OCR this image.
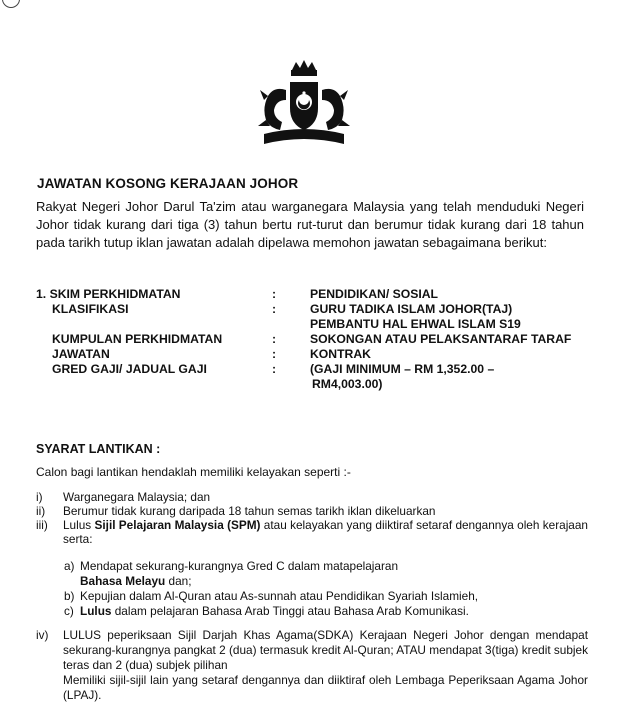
JAWATAN KOSONG KERAJAAN JOHOR
Rakyat Negeri Johor Darul Ta'zim atau warganegara Malaysia yang telah menduduki Negeri Johor tidak kurang dari tiga (3) tahun bertu rut-turut dan berumur tidak kurang dari 18 tahun pada tarikh tutup iklan jawatan adalah dipelawa memohon jawatan sebagaimana berikut:
1. SKIM PERKHIDMATAN	:	PENDIDIKAN/ SOSIAL
KLASIFIKASI	:	GURU TADIKA ISLAM JOHOR(TAJ)
PEMBANTU HAL EHWAL ISLAM S19
KUMPULAN PERKHIDMATAN	:	SOKONGAN ATAU PELAKSANTARAF TARAF
JAWATAN	:	KONTRAK
GRED GAJI/ JADUAL GAJI	:	(GAJI MINIMUM – RM 1,352.00 –
RM4,003.00)
SYARAT LANTIKAN :
Calon bagi lantikan hendaklah memiliki kelayakan seperti :-
i) Warganegara Malaysia; dan
ii) Berumur tidak kurang daripada 18 tahun semas tarikh iklan dikeluarkan
iii) Lulus Sijil Pelajaran Malaysia (SPM) atau kelayakan yang diiktiraf setaraf dengannya oleh kerajaan serta:
a) Mendapat sekurang-kurangnya Gred C dalam matapelajaran
Bahasa Melayu dan;
b) Kepujian dalam Al-Quran atau As-sunnah atau Pendidikan Syariah Islamieh,
c) Lulus dalam pelajaran Bahasa Arab Tinggi atau Bahasa Arab Komunikasi.
iv) LULUS peperiksaan Sijil Darjah Khas Agama(SDKA) Kerajaan Negeri Johor dengan mendapat sekurang-kurangnya pangkat 2 (dua) termasuk kredit Al-Quran; ATAU mendapat 3(tiga) kredit subjek teras dan 2 (dua) subjek pilihan
Memiliki sijil-sijil lain yang setaraf dengannya dan diiktiraf oleh Lembaga Peperiksaan Agama Johor (LPAJ).
